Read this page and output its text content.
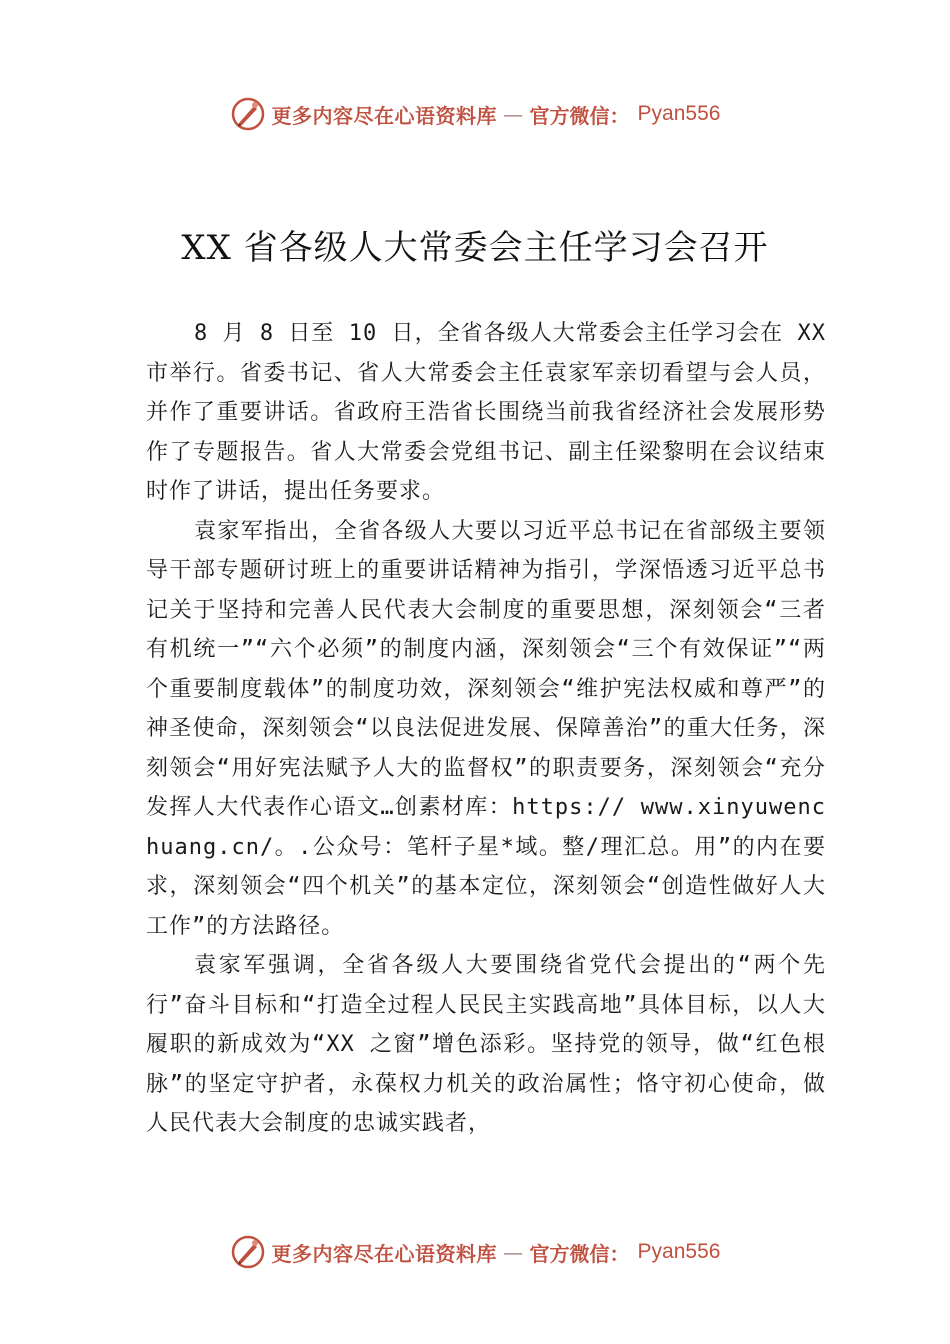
更多内容尽在心语资料库 — 官方微信： Pyan556
XX 省各级人大常委会主任学习会召开

8 月 8 日至 10 日，全省各级人大常委会主任学习会在 XX 市举行。省委书记、省人大常委会主任袁家军亲切看望与会人员，并作了重要讲话。省政府王浩省长围绕当前我省经济社会发展形势作了专题报告。省人大常委会党组书记、副主任梁黎明在会议结束时作了讲话，提出任务要求。

袁家军指出，全省各级人大要以习近平总书记在省部级主要领导干部专题研讨班上的重要讲话精神为指引，学深悟透习近平总书记关于坚持和完善人民代表大会制度的重要思想，深刻领会“三者有机统一”“六个必须”的制度内涵，深刻领会“三个有效保证”“两个重要制度载体”的制度功效，深刻领会“维护宪法权威和尊严”的神圣使命，深刻领会“以良法促进发展、保障善治”的重大任务，深刻领会“用好宪法赋予人大的监督权”的职责要务，深刻领会“充分发挥人大代表作心语文…创素材库：https:// www.xinyuwenchuang.cn/。.公众号：笔杆子星*域。整/理汇总。用”的内在要求，深刻领会“四个机关”的基本定位，深刻领会“创造性做好人大工作”的方法路径。

袁家军强调，全省各级人大要围绕省党代会提出的“两个先行”奋斗目标和“打造全过程人民民主实践高地”具体目标，以人大履职的新成效为“XX 之窗”增色添彩。坚持党的领导，做“红色根脉”的坚定守护者，永葆权力机关的政治属性；恪守初心使命，做人民代表大会制度的忠诚实践者，

更多内容尽在心语资料库 — 官方微信： Pyan556
